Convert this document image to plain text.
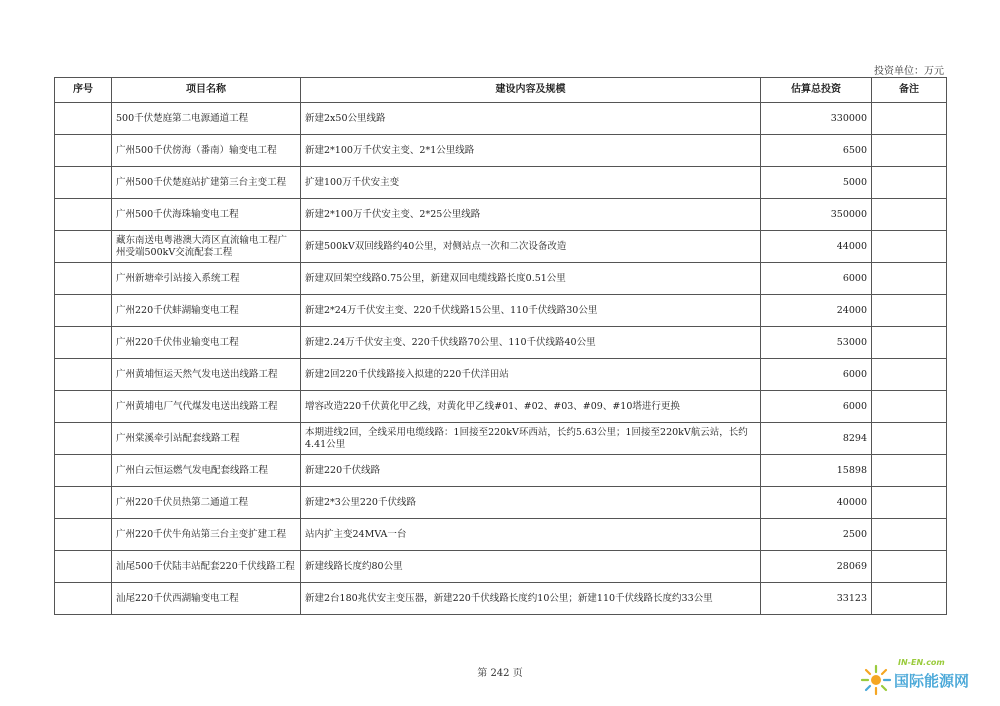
投资单位：万元
序号	项目名称	建设内容及规模	估算总投资	备注
	500千伏楚庭第二电源通道工程	新建2x50公里线路	330000	
	广州500千伏傍海（番南）输变电工程	新建2*100万千伏安主变、2*1公里线路	6500	
	广州500千伏楚庭站扩建第三台主变工程	扩建100万千伏安主变	5000	
	广州500千伏海珠输变电工程	新建2*100万千伏安主变、2*25公里线路	350000	
	藏东南送电粤港澳大湾区直流输电工程广州受端500kV交流配套工程	新建500kV双回线路约40公里，对侧站点一次和二次设备改造	44000	
	广州新塘牵引站接入系统工程	新建双回架空线路0.75公里，新建双回电缆线路长度0.51公里	6000	
	广州220千伏蚌湖输变电工程	新建2*24万千伏安主变、220千伏线路15公里、110千伏线路30公里	24000	
	广州220千伏伟业输变电工程	新建2.24万千伏安主变、220千伏线路70公里、110千伏线路40公里	53000	
	广州黄埔恒运天然气发电送出线路工程	新建2回220千伏线路接入拟建的220千伏洋田站	6000	
	广州黄埔电厂气代煤发电送出线路工程	增容改造220千伏黄化甲乙线，对黄化甲乙线#01、#02、#03、#09、#10塔进行更换	6000	
	广州棠溪牵引站配套线路工程	本期进线2回，全线采用电缆线路：1回接至220kV环西站，长约5.63公里；1回接至220kV航云站，长约4.41公里	8294	
	广州白云恒运燃气发电配套线路工程	新建220千伏线路	15898	
	广州220千伏员热第二通道工程	新建2*3公里220千伏线路	40000	
	广州220千伏牛角站第三台主变扩建工程	站内扩主变24MVA一台	2500	
	汕尾500千伏陆丰站配套220千伏线路工程	新建线路长度约80公里	28069	
	汕尾220千伏西湖输变电工程	新建2台180兆伏安主变压器，新建220千伏线路长度约10公里；新建110千伏线路长度约33公里	33123	
第 242 页
IN-EN.com
国际能源网
